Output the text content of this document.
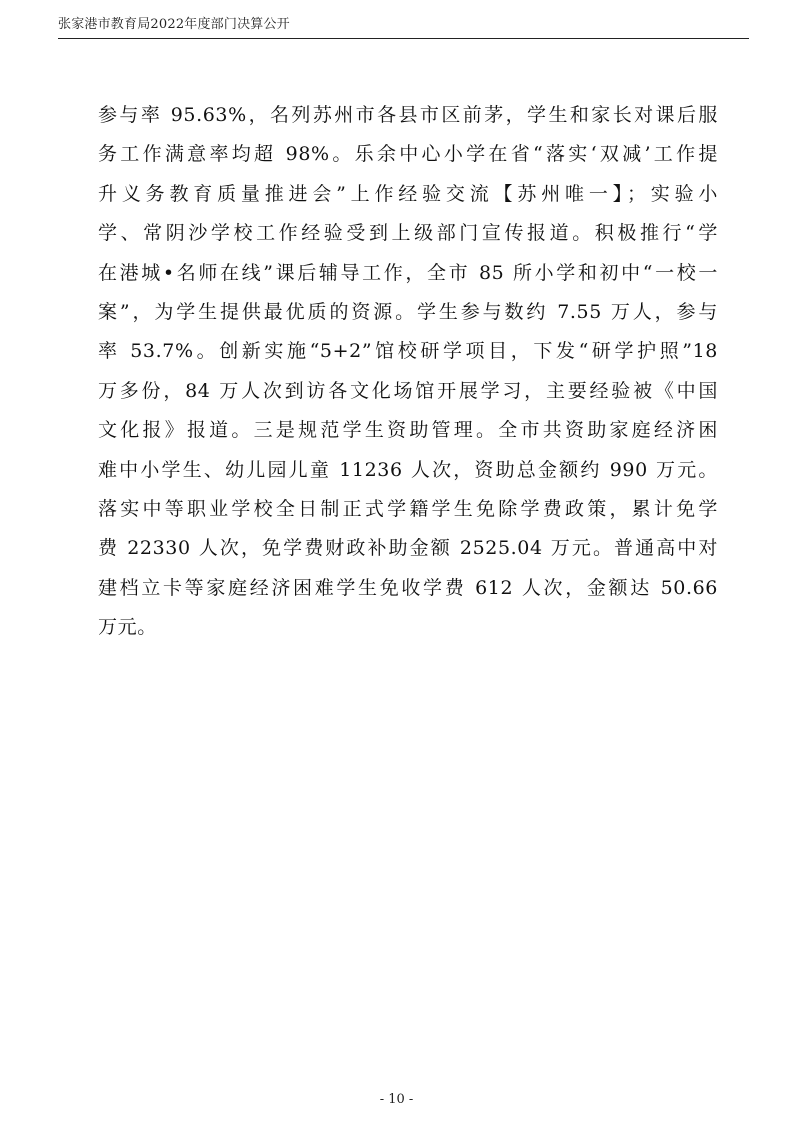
张家港市教育局2022年度部门决算公开
参与率 95.63%，名列苏州市各县市区前茅，学生和家长对课后服
务工作满意率均超 98%。乐余中心小学在省“落实‘双减’工作提
升义务教育质量推进会”上作经验交流【苏州唯一】；实验小
学、常阴沙学校工作经验受到上级部门宣传报道。积极推行“学
在港城•名师在线”课后辅导工作，全市 85 所小学和初中“一校一
案”，为学生提供最优质的资源。学生参与数约 7.55 万人，参与
率 53.7%。创新实施“5+2”馆校研学项目，下发“研学护照”18
万多份，84 万人次到访各文化场馆开展学习，主要经验被《中国
文化报》报道。三是规范学生资助管理。全市共资助家庭经济困
难中小学生、幼儿园儿童 11236 人次，资助总金额约 990 万元。
落实中等职业学校全日制正式学籍学生免除学费政策，累计免学
费 22330 人次，免学费财政补助金额 2525.04 万元。普通高中对
建档立卡等家庭经济困难学生免收学费 612 人次，金额达 50.66
万元。
- 10 -
